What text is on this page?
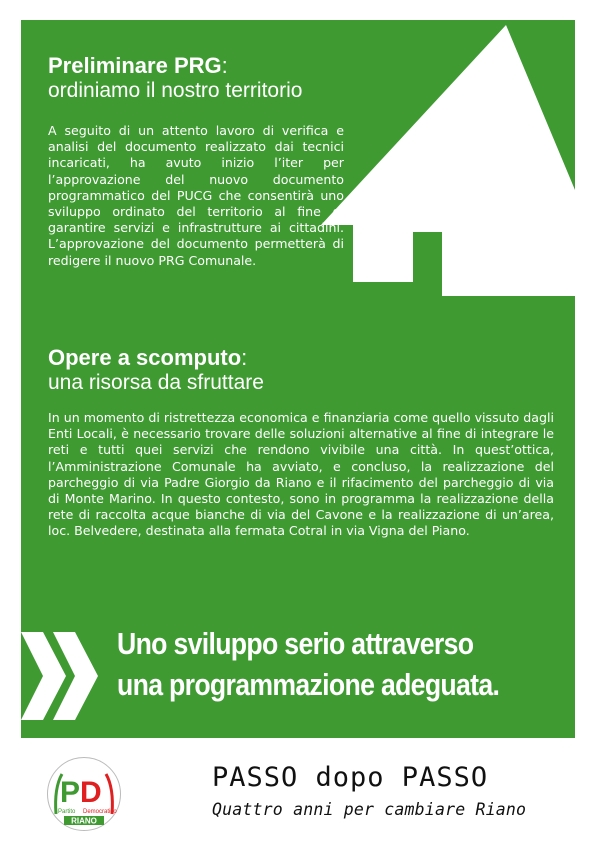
Preliminare PRG:
ordiniamo il nostro territorio

A seguito di un attento lavoro di verifica e analisi del documento realizzato dai tecnici incaricati, ha avuto inizio l’iter per l’approvazione del nuovo documento programmatico del PUCG che consentirà uno sviluppo ordinato del territorio al fine di garantire servizi e infrastrutture ai cittadini. L’approvazione del documento permetterà di redigere il nuovo PRG Comunale.

Opere a scomputo:
una risorsa da sfruttare

In un momento di ristrettezza economica e finanziaria come quello vissuto dagli Enti Locali, è necessario trovare delle soluzioni alternative al fine di integrare le reti e tutti quei servizi che rendono vivibile una città. In quest’ottica, l’Amministrazione Comunale ha avviato, e concluso, la realizzazione del parcheggio di via Padre Giorgio da Riano e il rifacimento del parcheggio di via di Monte Marino. In questo contesto, sono in programma la realizzazione della rete di raccolta acque bianche di via del Cavone e la realizzazione di un’area, loc. Belvedere, destinata alla fermata Cotral in via Vigna del Piano.

Uno sviluppo serio attraverso
una programmazione adeguata.
P D
Partito Democratico
RIANO
PASSO dopo PASSO
Quattro anni per cambiare Riano
